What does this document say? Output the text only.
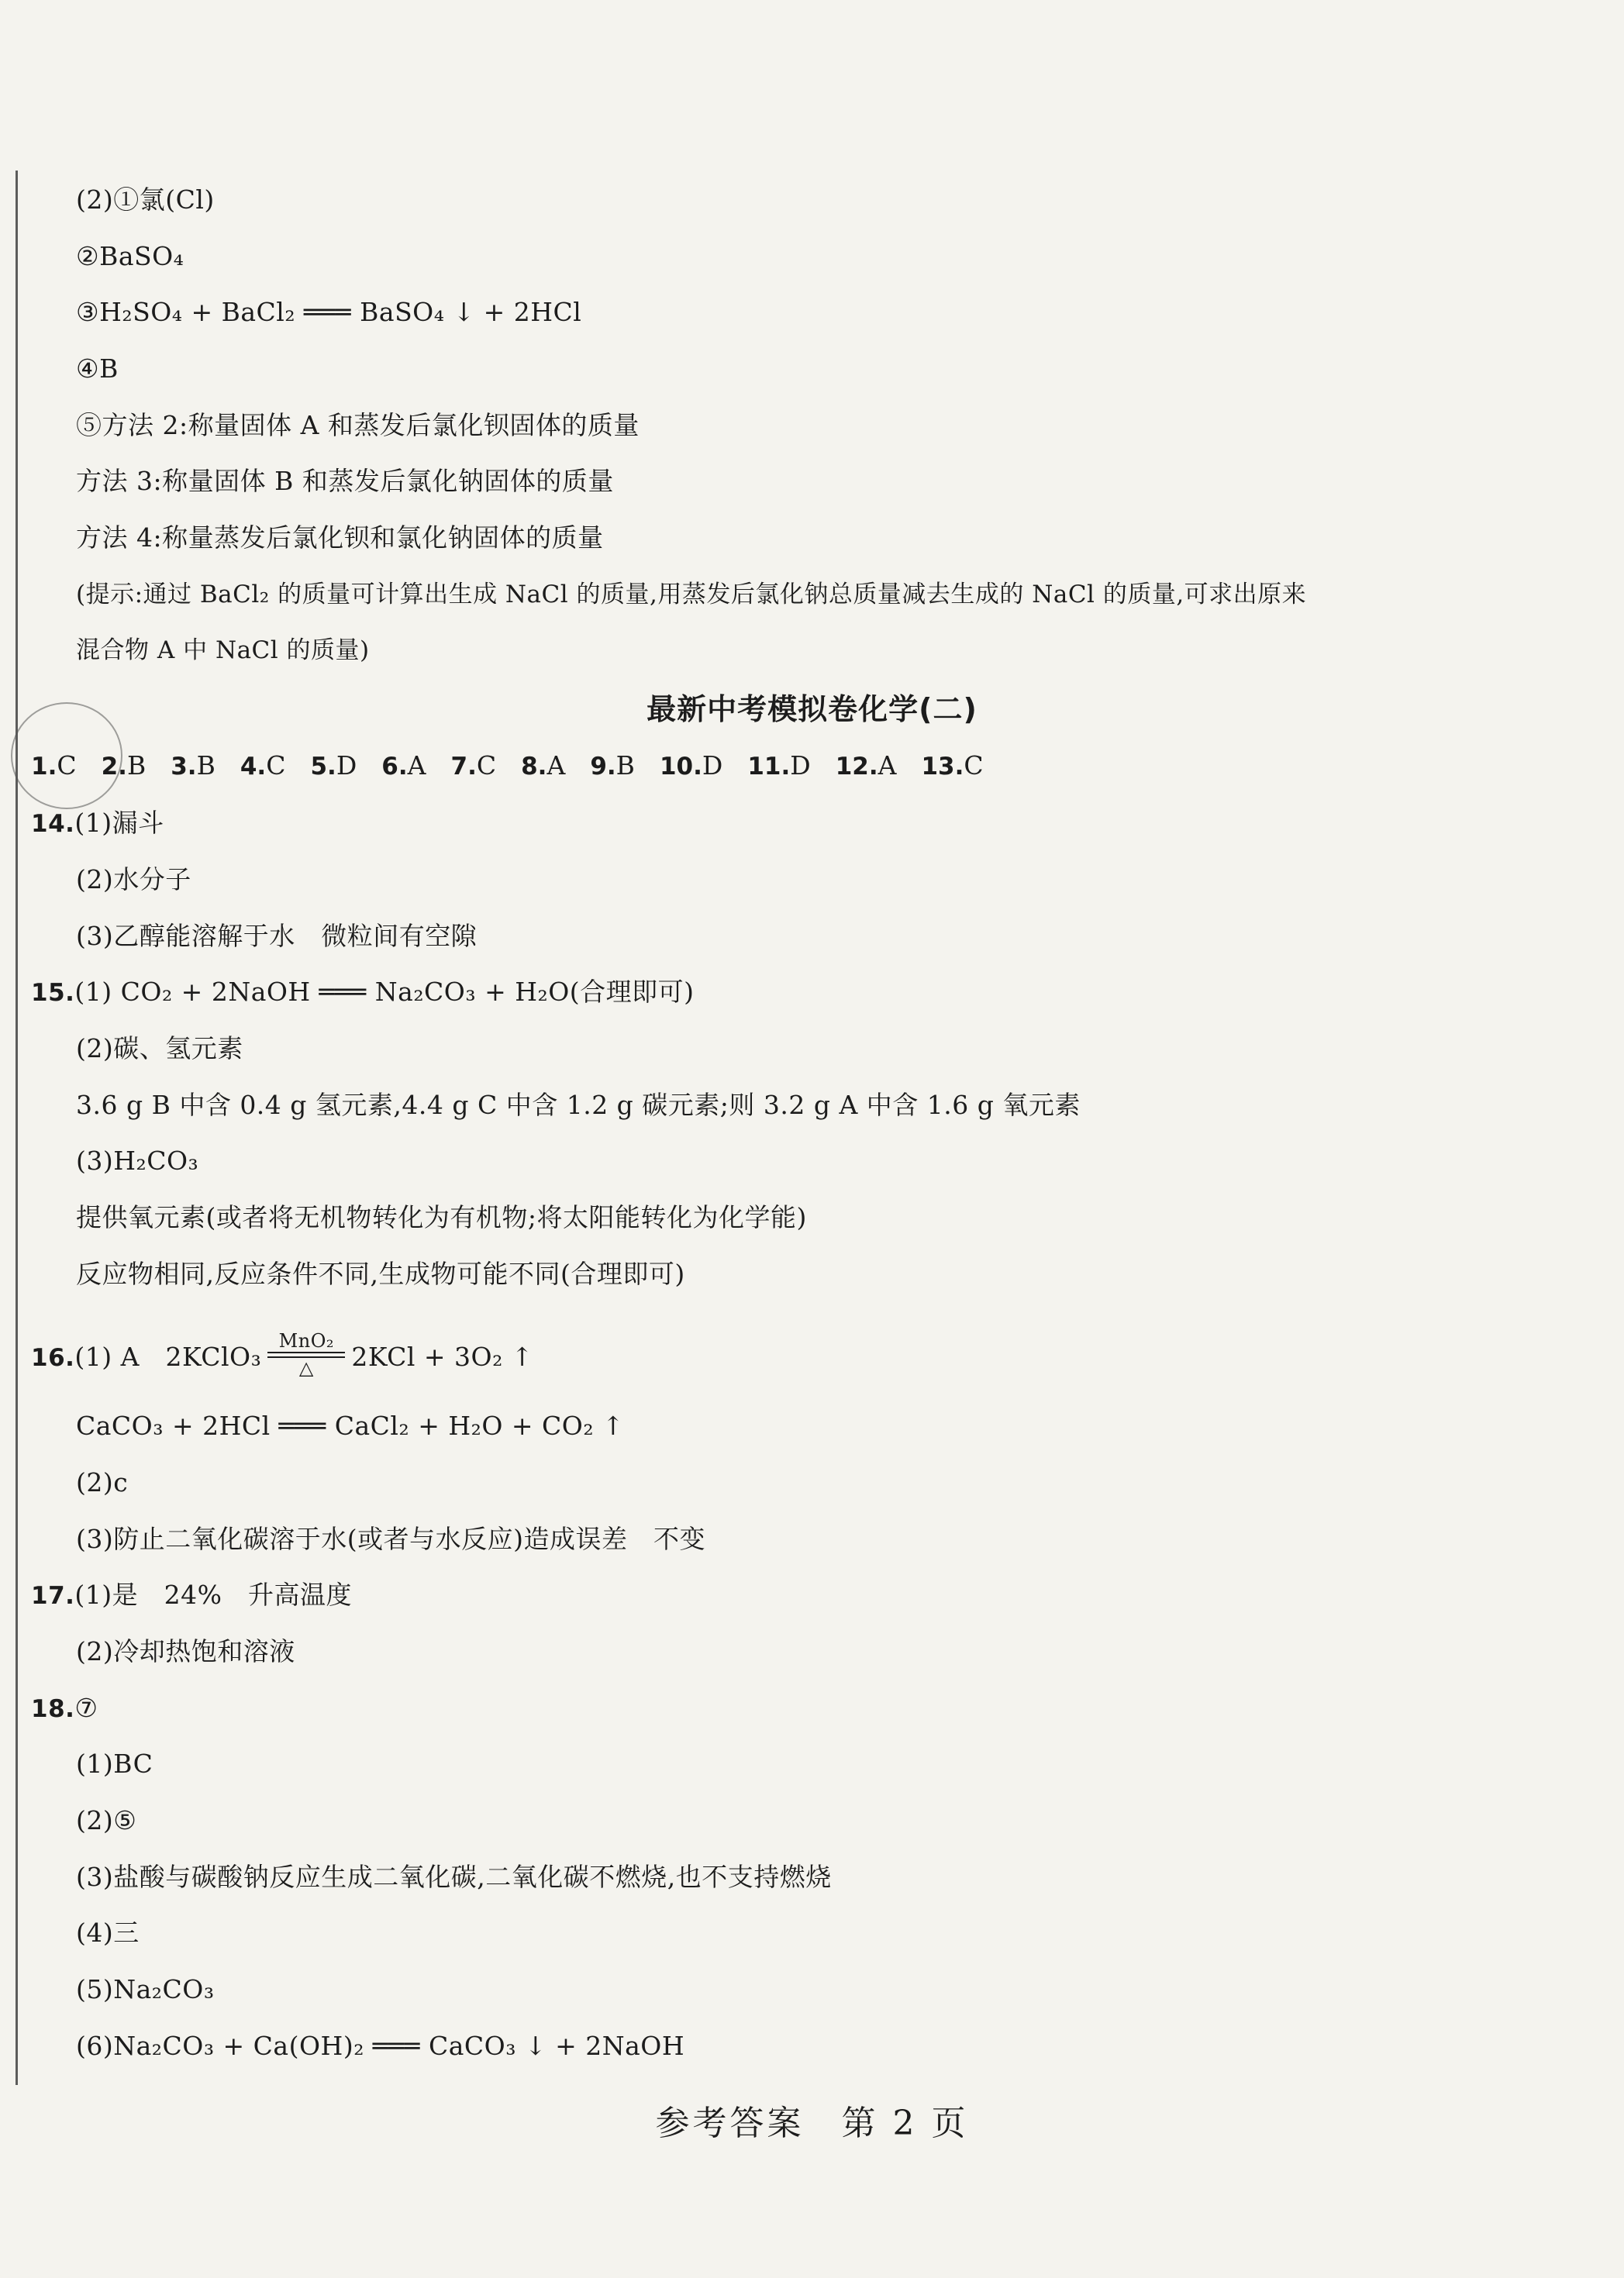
(2)①氯(Cl)
②BaSO₄
③H₂SO₄ + BaCl₂ ═══ BaSO₄ ↓ + 2HCl
④B
⑤方法 2:称量固体 A 和蒸发后氯化钡固体的质量
方法 3:称量固体 B 和蒸发后氯化钠固体的质量
方法 4:称量蒸发后氯化钡和氯化钠固体的质量
(提示:通过 BaCl₂ 的质量可计算出生成 NaCl 的质量,用蒸发后氯化钠总质量减去生成的 NaCl 的质量,可求出原来
混合物 A 中 NaCl 的质量)
最新中考模拟卷化学(二)
1.C 2.B 3.B 4.C 5.D 6.A 7.C 8.A 9.B 10.D 11.D 12.A 13.C
14.(1)漏斗
(2)水分子
(3)乙醇能溶解于水　微粒间有空隙
15.(1) CO₂ + 2NaOH ═══ Na₂CO₃ + H₂O(合理即可)
(2)碳、氢元素
3.6 g B 中含 0.4 g 氢元素,4.4 g C 中含 1.2 g 碳元素;则 3.2 g A 中含 1.6 g 氧元素
(3)H₂CO₃
提供氧元素(或者将无机物转化为有机物;将太阳能转化为化学能)
反应物相同,反应条件不同,生成物可能不同(合理即可)
16.(1) A　2KClO₃
MnO₂
△ 2KCl + 3O₂ ↑
CaCO₃ + 2HCl ═══ CaCl₂ + H₂O + CO₂ ↑
(2)c
(3)防止二氧化碳溶于水(或者与水反应)造成误差　不变
17.(1)是　24%　升高温度
(2)冷却热饱和溶液
18.⑦
(1)BC
(2)⑤
(3)盐酸与碳酸钠反应生成二氧化碳,二氧化碳不燃烧,也不支持燃烧
(4)三
(5)Na₂CO₃
(6)Na₂CO₃ + Ca(OH)₂ ═══ CaCO₃ ↓ + 2NaOH
参考答案　第 2 页
